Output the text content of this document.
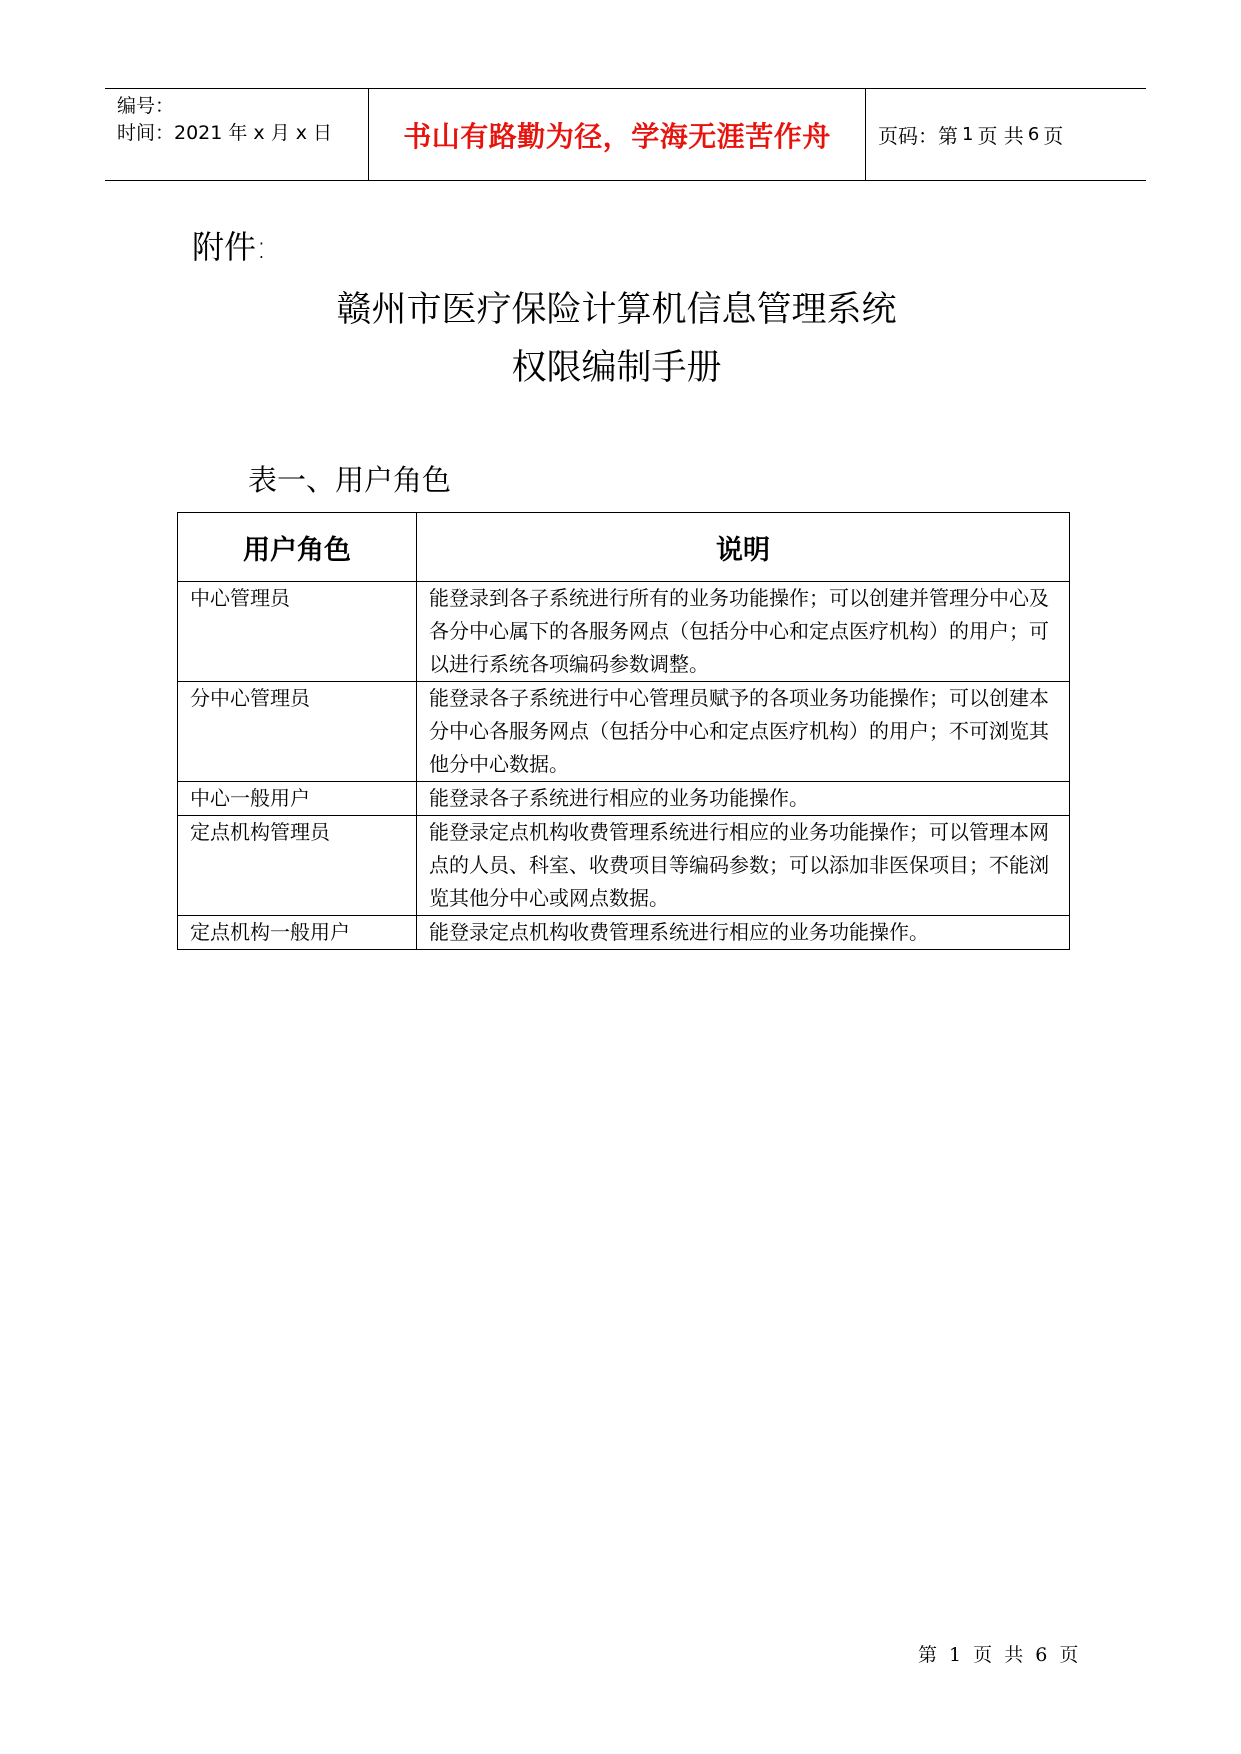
编号：
时间：2021 年 x 月 x 日	书山有路勤为径，学海无涯苦作舟	页码：第 1 页 共 6 页
附件:
赣州市医疗保险计算机信息管理系统
权限编制手册
表一、用户角色
用户角色	说明
中心管理员	能登录到各子系统进行所有的业务功能操作；可以创建并管理分中心及各分中心属下的各服务网点（包括分中心和定点医疗机构）的用户；可以进行系统各项编码参数调整。
分中心管理员	能登录各子系统进行中心管理员赋予的各项业务功能操作；可以创建本分中心各服务网点（包括分中心和定点医疗机构）的用户；不可浏览其他分中心数据。
中心一般用户	能登录各子系统进行相应的业务功能操作。
定点机构管理员	能登录定点机构收费管理系统进行相应的业务功能操作；可以管理本网点的人员、科室、收费项目等编码参数；可以添加非医保项目；不能浏览其他分中心或网点数据。
定点机构一般用户	能登录定点机构收费管理系统进行相应的业务功能操作。
第 1 页 共 6 页
